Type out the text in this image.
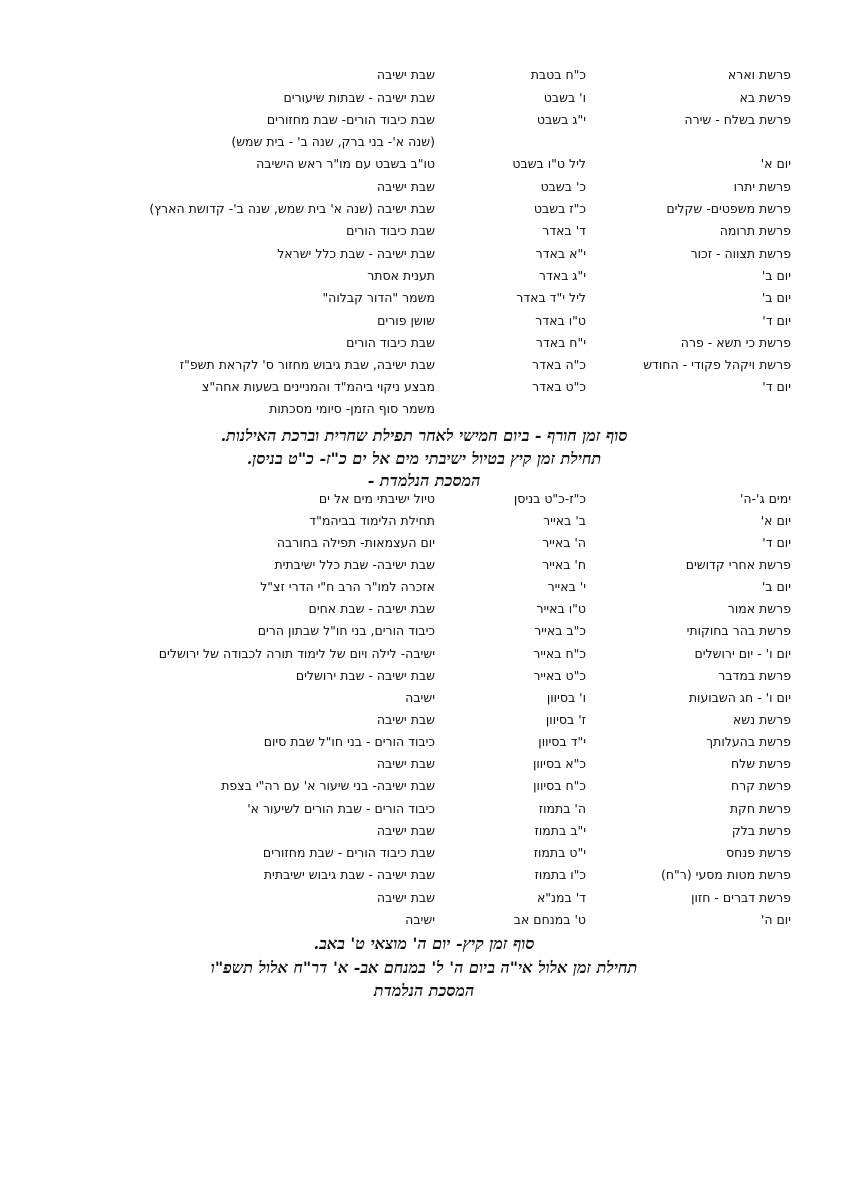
פרשת וארא
כ"ח בטבת
שבת ישיבה
פרשת בא
ו' בשבט
שבת ישיבה - שבתות שיעורים
פרשת בשלח - שירה
י"ג בשבט
שבת כיבוד הורים- שבת מחזורים
(שנה א'- בני ברק, שנה ב' - בית שמש)
יום א'
ליל ט"ו בשבט
טו"ב בשבט עם מו"ר ראש הישיבה
פרשת יתרו
כ' בשבט
שבת ישיבה
פרשת משפטים- שקלים
כ"ז בשבט
שבת ישיבה (שנה א' בית שמש, שנה ב'- קדושת הארץ)
פרשת תרומה
ד' באדר
שבת כיבוד הורים
פרשת תצווה - זכור
י"א באדר
שבת ישיבה - שבת כלל ישראל
יום ב'
י"ג באדר
תענית אסתר
יום ב'
ליל י"ד באדר
משמר "הדור קבלוה"
יום ד'
ט"ו באדר
שושן פורים
פרשת כי תשא - פרה
י"ח באדר
שבת כיבוד הורים
פרשת ויקהל פקודי - החודש
כ"ה באדר
שבת ישיבה, שבת גיבוש מחזור ס' לקראת תשפ"ז
יום ד'
כ"ט באדר
מבצע ניקוי ביהמ"ד והמניינים בשעות אחה"צ
משמר סוף הזמן- סיומי מסכתות
סוף זמן חורף - ביום חמישי לאחר תפילת שחרית וברכת האילנות.
תחילת זמן קיץ בטיול ישיבתי מים אל ים כ"ז- כ"ט בניסן.
המסכת הנלמדת -
ימים ג'-ה'
כ"ז-כ"ט בניסן
טיול ישיבתי מים אל ים
יום א'
ב' באייר
תחילת הלימוד בביהמ"ד
יום ד'
ה' באייר
יום העצמאות- תפילה בחורבה
פרשת אחרי קדושים
ח' באייר
שבת ישיבה- שבת כלל ישיבתית
יום ב'
י' באייר
אזכרה למו"ר הרב ח"י הדרי זצ"ל
פרשת אמור
ט"ו באייר
שבת ישיבה - שבת אחים
פרשת בהר בחוקותי
כ"ב באייר
כיבוד הורים, בני חו"ל שבתון הרים
יום ו' - יום ירושלים
כ"ח באייר
ישיבה- לילה ויום של לימוד תורה לכבודה של ירושלים
פרשת במדבר
כ"ט באייר
שבת ישיבה - שבת ירושלים
יום ו' - חג השבועות
ו' בסיוון
ישיבה
פרשת נשא
ז' בסיוון
שבת ישיבה
פרשת בהעלותך
י"ד בסיוון
כיבוד הורים - בני חו"ל שבת סיום
פרשת שלח
כ"א בסיוון
שבת ישיבה
פרשת קרח
כ"ח בסיוון
שבת ישיבה- בני שיעור א' עם רה"י בצפת
פרשת חקת
ה' בתמוז
כיבוד הורים - שבת הורים לשיעור א'
פרשת בלק
י"ב בתמוז
שבת ישיבה
פרשת פנחס
י"ט בתמוז
שבת כיבוד הורים - שבת מחזורים
פרשת מטות מסעי (ר"ח)
כ"ו בתמוז
שבת ישיבה - שבת גיבוש ישיבתית
פרשת דברים - חזון
ד' במנ"א
שבת ישיבה
יום ה'
ט' במנחם אב
ישיבה
סוף זמן קיץ- יום ה' מוצאי ט' באב.
תחילת זמן אלול אי"ה ביום ה' ל' במנחם אב- א' דר"ח אלול תשפ"ו
המסכת הנלמדת
